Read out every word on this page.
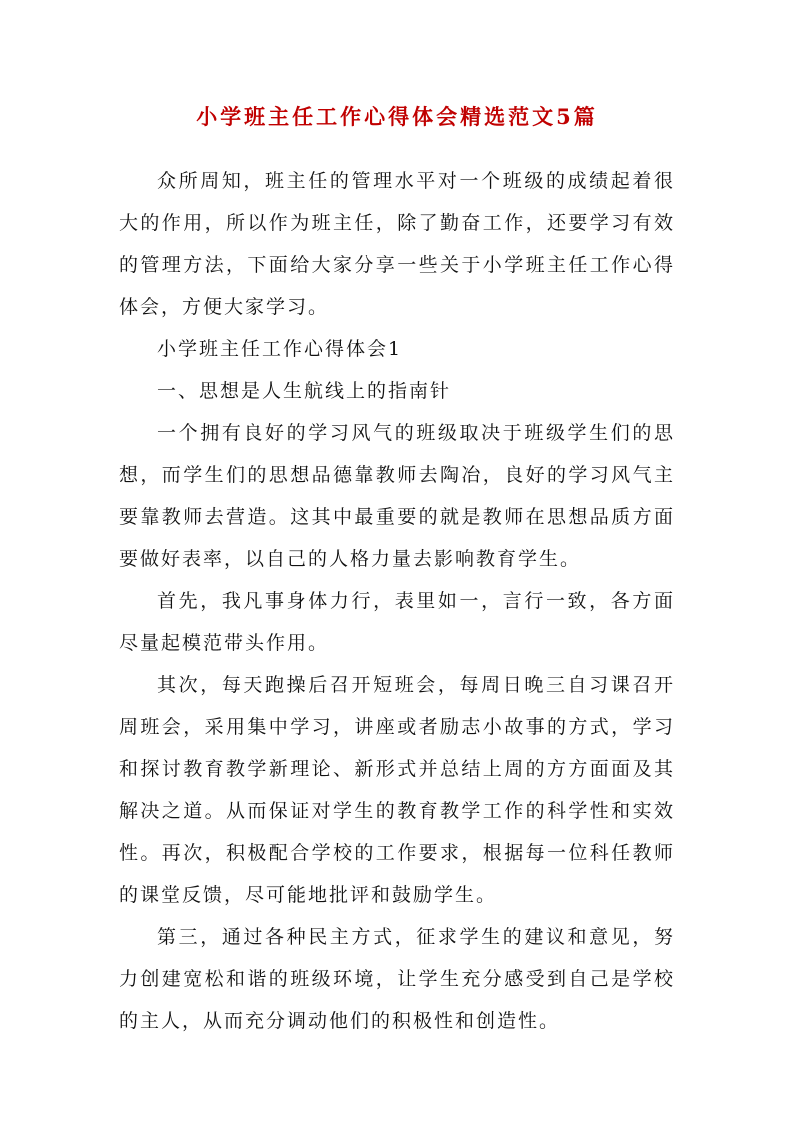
小学班主任工作心得体会精选范文5篇

众所周知，班主任的管理水平对一个班级的成绩起着很大的作用，所以作为班主任，除了勤奋工作，还要学习有效的管理方法，下面给大家分享一些关于小学班主任工作心得体会，方便大家学习。

小学班主任工作心得体会1

一、思想是人生航线上的指南针

一个拥有良好的学习风气的班级取决于班级学生们的思想，而学生们的思想品德靠教师去陶冶，良好的学习风气主要靠教师去营造。这其中最重要的就是教师在思想品质方面要做好表率，以自己的人格力量去影响教育学生。

首先，我凡事身体力行，表里如一，言行一致，各方面尽量起模范带头作用。

其次，每天跑操后召开短班会，每周日晚三自习课召开周班会，采用集中学习，讲座或者励志小故事的方式，学习和探讨教育教学新理论、新形式并总结上周的方方面面及其解决之道。从而保证对学生的教育教学工作的科学性和实效性。再次，积极配合学校的工作要求，根据每一位科任教师的课堂反馈，尽可能地批评和鼓励学生。

第三，通过各种民主方式，征求学生的建议和意见，努力创建宽松和谐的班级环境，让学生充分感受到自己是学校的主人，从而充分调动他们的积极性和创造性。
